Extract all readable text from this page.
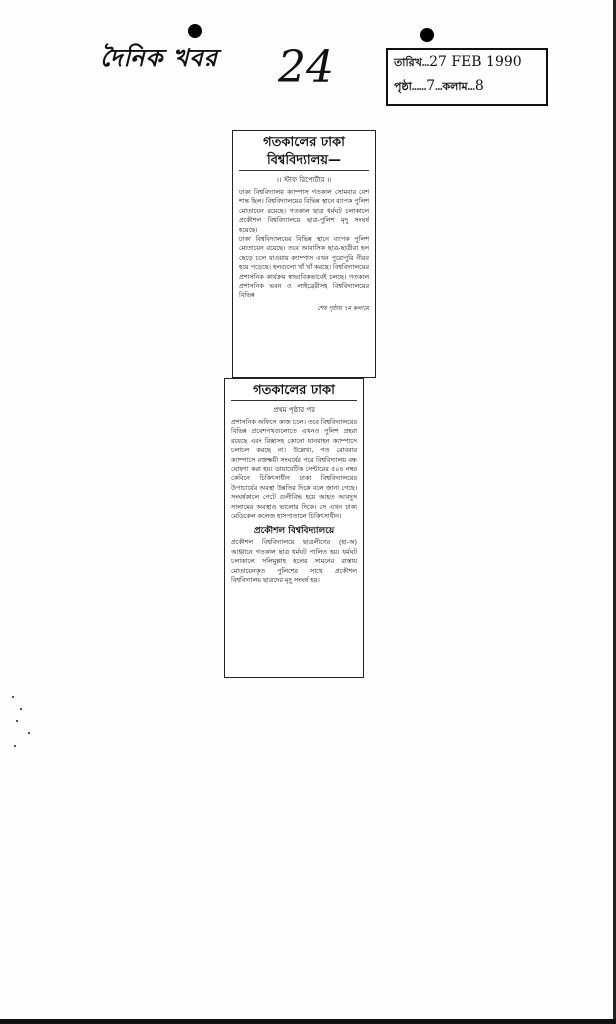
দৈনিক খবর 24	তারিখ … 27 FEB 1990
পৃষ্ঠা …… 7 … কলাম … 8
গতকালের ঢাকা
বিশ্ববিদ্যালয়—
।। স্টাফ রিপোর্টার ।।
ঢাকা বিশ্ববিদ্যালয় ক্যাম্পাস গতকাল সোমবার বেশ শান্ত ছিল। বিশ্ববিদ্যালয়ের বিভিন্ন স্থানে ব্যাপক পুলিশ মোতায়েন রয়েছে। গতকাল ছাত্র ধর্মঘট চলাকালে প্রকৌশল বিশ্ববিদ্যালয়ে ছাত্র-পুলিশ মৃদু সংঘর্ষ হয়েছে।
ঢাকা বিশ্ববিদ্যালয়ের বিভিন্ন স্থানে ব্যাপক পুলিশ মোতায়েন রয়েছে। তবে আবাসিক ছাত্র-ছাত্রীরা হল ছেড়ে চলে যাওয়ায় ক্যাম্পাস এখন পুরোপুরি নীরব হয়ে পড়েছে। হলগুলো খাঁ খাঁ করছে। বিশ্ববিদ্যালয়ের প্রশাসনিক কার্যক্রম স্বাভাবিকভাবেই চলছে। গতকাল প্রশাসনিক ভবন ও লাইব্রেরীসহ বিশ্ববিদ্যালয়ের বিভিন্ন
শেষ পৃষ্ঠায় ৭ম কলামে
গতকালের ঢাকা
প্রথম পৃষ্ঠার পর
প্রশাসনিক অফিসে কাজ চলে। তবে বিশ্ববিদ্যালয়ের বিভিন্ন প্রবেশপথগুলোতে এখনও পুলিশ প্রহরা রয়েছে এবং রিক্সাসহ কোনো যানবাহন ক্যাম্পাসে চলাচল করছে না। উল্লেখ্য, গত রোববার ক্যাম্পাসে রক্তক্ষয়ী সংঘর্ষের পরে বিশ্ববিদ্যালয় বন্ধ ঘোষণা করা হয়। ডায়াবেটিক সেন্টারের ৫০৪ নম্বর কেবিনে চিকিৎসাধীন ঢাকা বিশ্ববিদ্যালয়ের উপাচার্যের অবস্থা উন্নতির দিকে বলে জানা গেছে। সংঘর্ষকালে পেটে গুলীবিদ্ধ হয়ে আহত আবদুস সালামের অবস্থাও ভালোর দিকে। সে এখন ঢাকা মেডিকেল কলেজ হাসপাতালে চিকিৎসাধীন।
প্রকৌশল বিশ্ববিদ্যালয়ে
প্রকৌশল বিশ্ববিদ্যালয়ে ছাত্রলীগের (হা-অ) আহ্বানে গতকাল ছাত্র ধর্মঘট পালিত হয়। ধর্মঘট চলাকালে সলিমুল্লাহ হলের সামনের রাস্তায় মোতায়েনকৃত পুলিশের সাথে প্রকৌশল বিশ্ববিদ্যালয় ছাত্রদের মৃদু সংঘর্ষ হয়।
